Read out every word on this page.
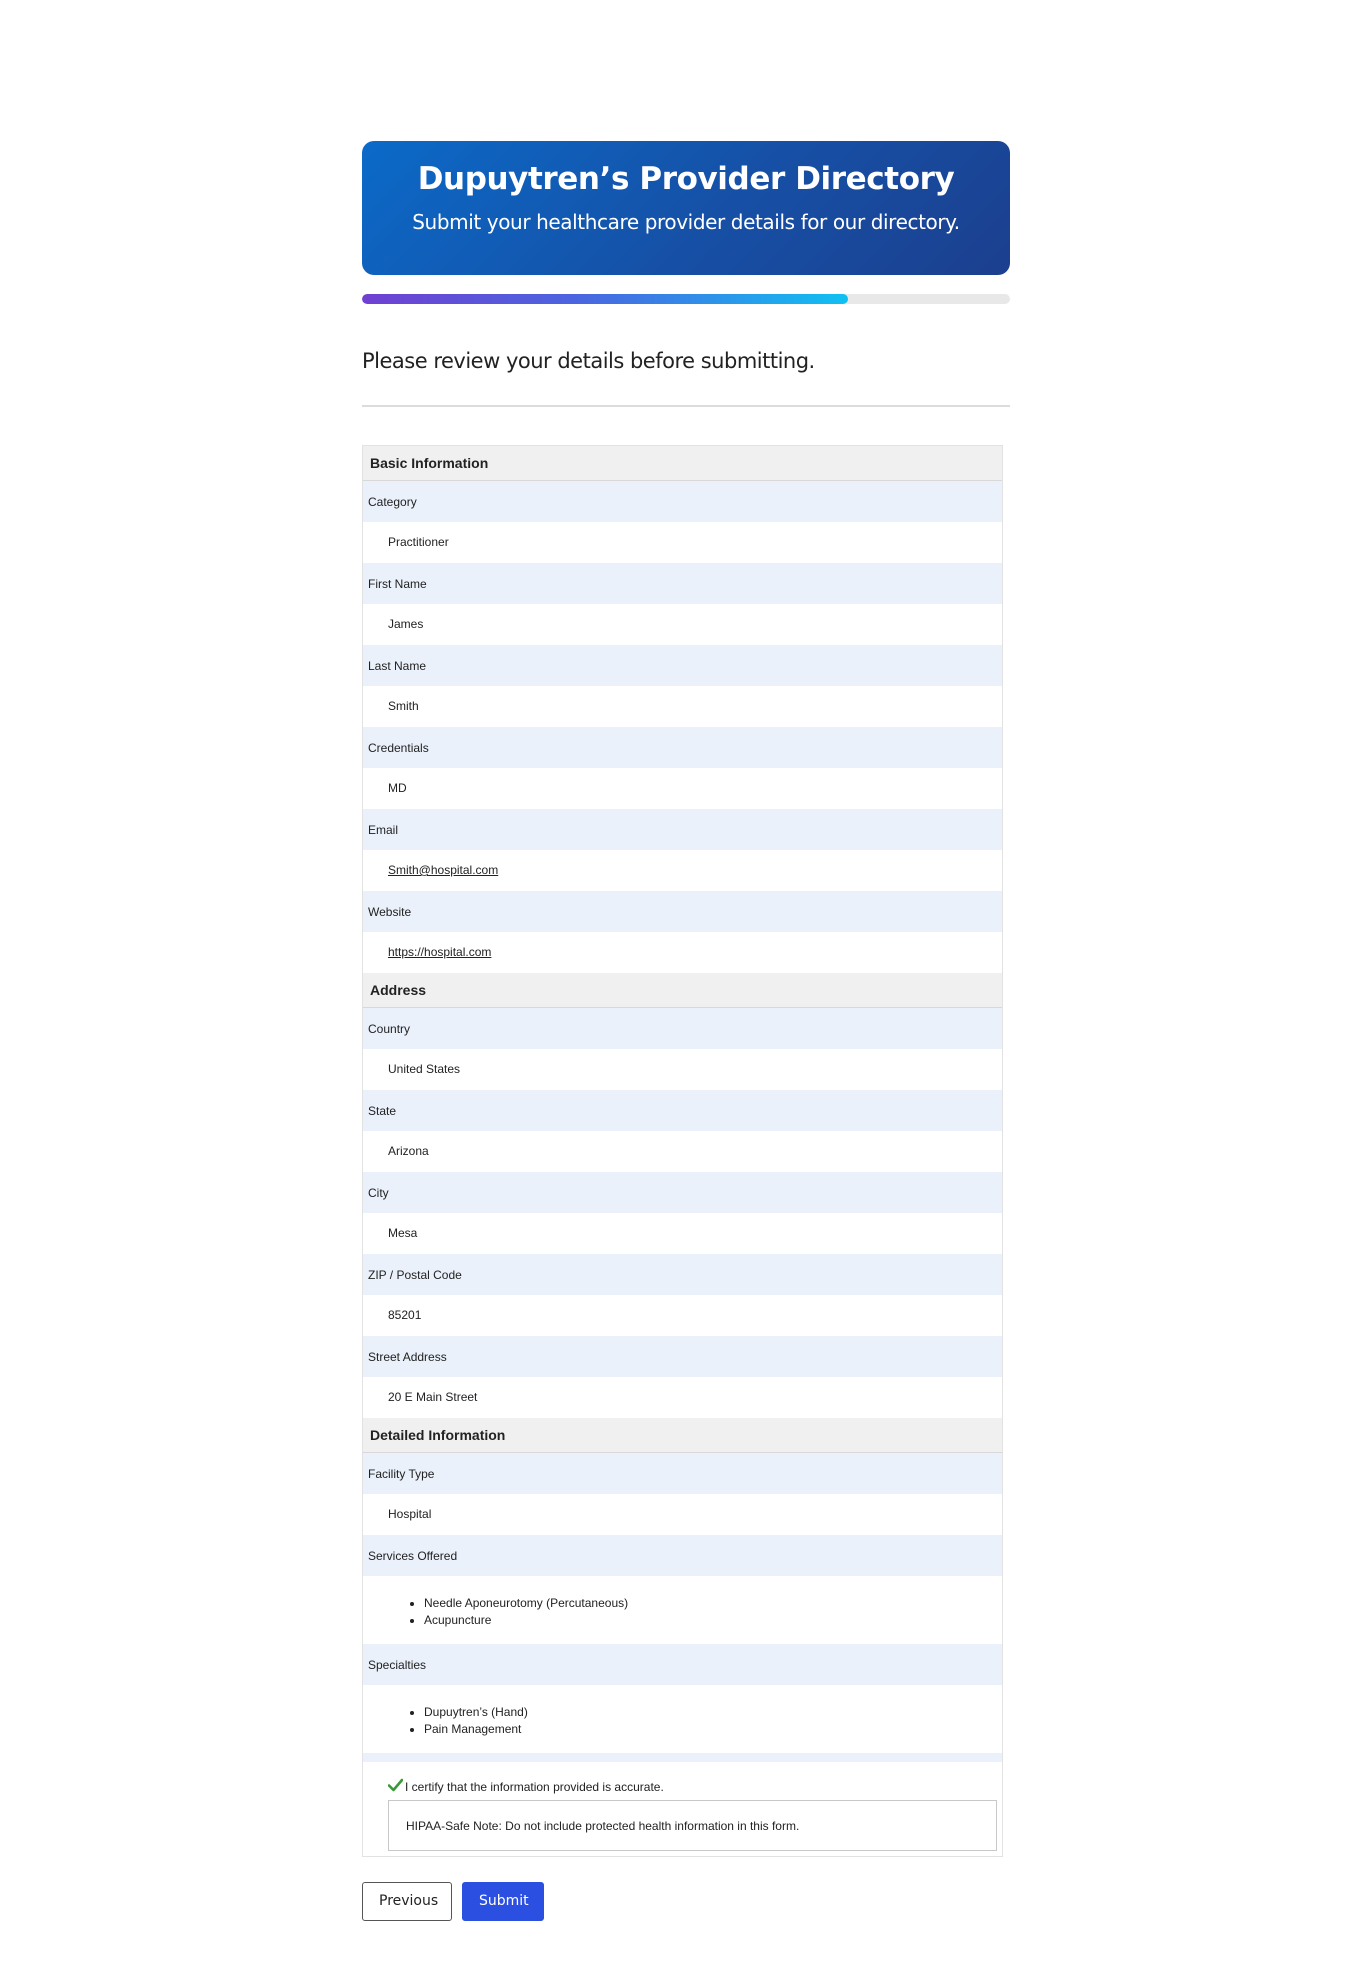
Dupuytren’s Provider Directory

Submit your healthcare provider details for our directory.

Please review your details before submitting.
Basic Information
Category
Practitioner
First Name
James
Last Name
Smith
Credentials
MD
Email
Smith@hospital.com
Website
https://hospital.com
Address
Country
United States
State
Arizona
City
Mesa
ZIP / Postal Code
85201
Street Address
20 E Main Street
Detailed Information
Facility Type
Hospital
Services Offered
• Needle Aponeurotomy (Percutaneous)
• Acupuncture
Specialties
• Dupuytren’s (Hand)
• Pain Management
I certify that the information provided is accurate.
HIPAA-Safe Note: Do not include protected health information in this form.
Previous	Submit
